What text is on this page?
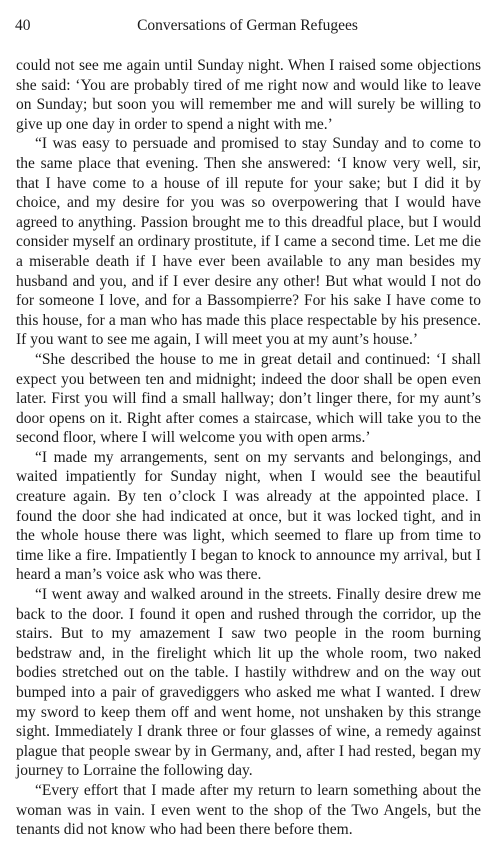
40	Conversations of German Refugees

could not see me again until Sunday night. When I raised some objections she said: ‘You are probably tired of me right now and would like to leave on Sunday; but soon you will remember me and will surely be willing to give up one day in order to spend a night with me.’

“I was easy to persuade and promised to stay Sunday and to come to the same place that evening. Then she answered: ‘I know very well, sir, that I have come to a house of ill repute for your sake; but I did it by choice, and my desire for you was so overpowering that I would have agreed to anything. Passion brought me to this dreadful place, but I would consider myself an ordinary prostitute, if I came a second time. Let me die a miserable death if I have ever been available to any man besides my husband and you, and if I ever desire any other! But what would I not do for someone I love, and for a Bassompierre? For his sake I have come to this house, for a man who has made this place respectable by his presence. If you want to see me again, I will meet you at my aunt’s house.’

“She described the house to me in great detail and continued: ‘I shall expect you between ten and midnight; indeed the door shall be open even later. First you will find a small hallway; don’t linger there, for my aunt’s door opens on it. Right after comes a staircase, which will take you to the second floor, where I will welcome you with open arms.’

“I made my arrangements, sent on my servants and belongings, and waited impatiently for Sunday night, when I would see the beautiful creature again. By ten o’clock I was already at the appointed place. I found the door she had indicated at once, but it was locked tight, and in the whole house there was light, which seemed to flare up from time to time like a fire. Impatiently I began to knock to announce my arrival, but I heard a man’s voice ask who was there.

“I went away and walked around in the streets. Finally desire drew me back to the door. I found it open and rushed through the corridor, up the stairs. But to my amazement I saw two people in the room burning bedstraw and, in the firelight which lit up the whole room, two naked bodies stretched out on the table. I hastily withdrew and on the way out bumped into a pair of gravediggers who asked me what I wanted. I drew my sword to keep them off and went home, not unshaken by this strange sight. Immediately I drank three or four glasses of wine, a remedy against plague that people swear by in Germany, and, after I had rested, began my journey to Lorraine the following day.

“Every effort that I made after my return to learn something about the woman was in vain. I even went to the shop of the Two Angels, but the tenants did not know who had been there before them.
